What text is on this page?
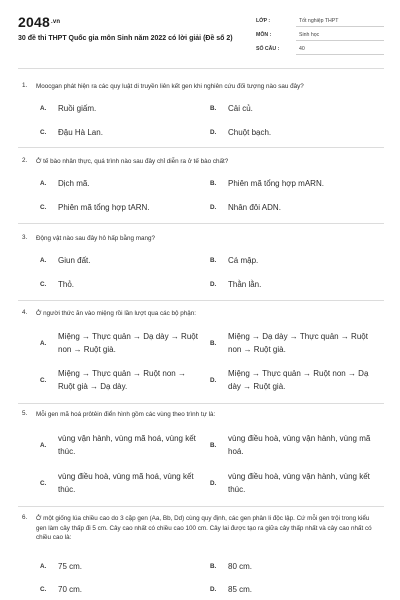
$2048^{.vn}$
30 đề thi THPT Quốc gia môn Sinh năm 2022 có lời giải (Đề số 2)
LỚP :	Tốt nghiệp THPT
MÔN :	Sinh học
SỐ CÂU :	40
1. Moocgan phát hiện ra các quy luật di truyền liên kết gen khi nghiên cứu đối tượng nào sau đây?
A. Ruồi giấm.	B. Cải củ.
C. Đậu Hà Lan.	D. Chuột bạch.
2. Ở tế bào nhân thực, quá trình nào sau đây chỉ diễn ra ở tế bào chất?
A. Dịch mã.	B. Phiên mã tổng hợp mARN.
C. Phiên mã tổng hợp tARN.	D. Nhân đôi ADN.
3. Động vật nào sau đây hô hấp bằng mang?
A. Giun đất.	B. Cá mập.
C. Thỏ.	D. Thằn lằn.
4. Ở người thức ăn vào miệng rồi lần lượt qua các bộ phận:
A.
Miệng → Thực quản → Dạ dày → Ruột non → Ruột già.
B.
Miệng → Dạ dày → Thực quản → Ruột non → Ruột già.
C.
Miệng → Thực quản → Ruột non → Ruột già → Dạ dày.
D.
Miệng → Thực quản → Ruột non → Dạ dày → Ruột già.
5. Mỗi gen mã hoá prôtêin điển hình gồm các vùng theo trình tự là:
A.
vùng vận hành, vùng mã hoá, vùng kết thúc.
B.
vùng điều hoà, vùng vận hành, vùng mã hoá.
C.
vùng điều hoà, vùng mã hoá, vùng kết thúc.
D.
vùng điều hoà, vùng vận hành, vùng kết thúc.
6. Ở một giống lúa chiều cao do 3 cặp gen (Aa, Bb, Dd) cùng quy định, các gen phân li độc lập. Cứ mỗi gen trội trong kiểu gen làm cây thấp đi 5 cm. Cây cao nhất có chiều cao 100 cm. Cây lai được tạo ra giữa cây thấp nhất và cây cao nhất có chiều cao là:
A. 75 cm.	B. 80 cm.
C. 70 cm.	D. 85 cm.
